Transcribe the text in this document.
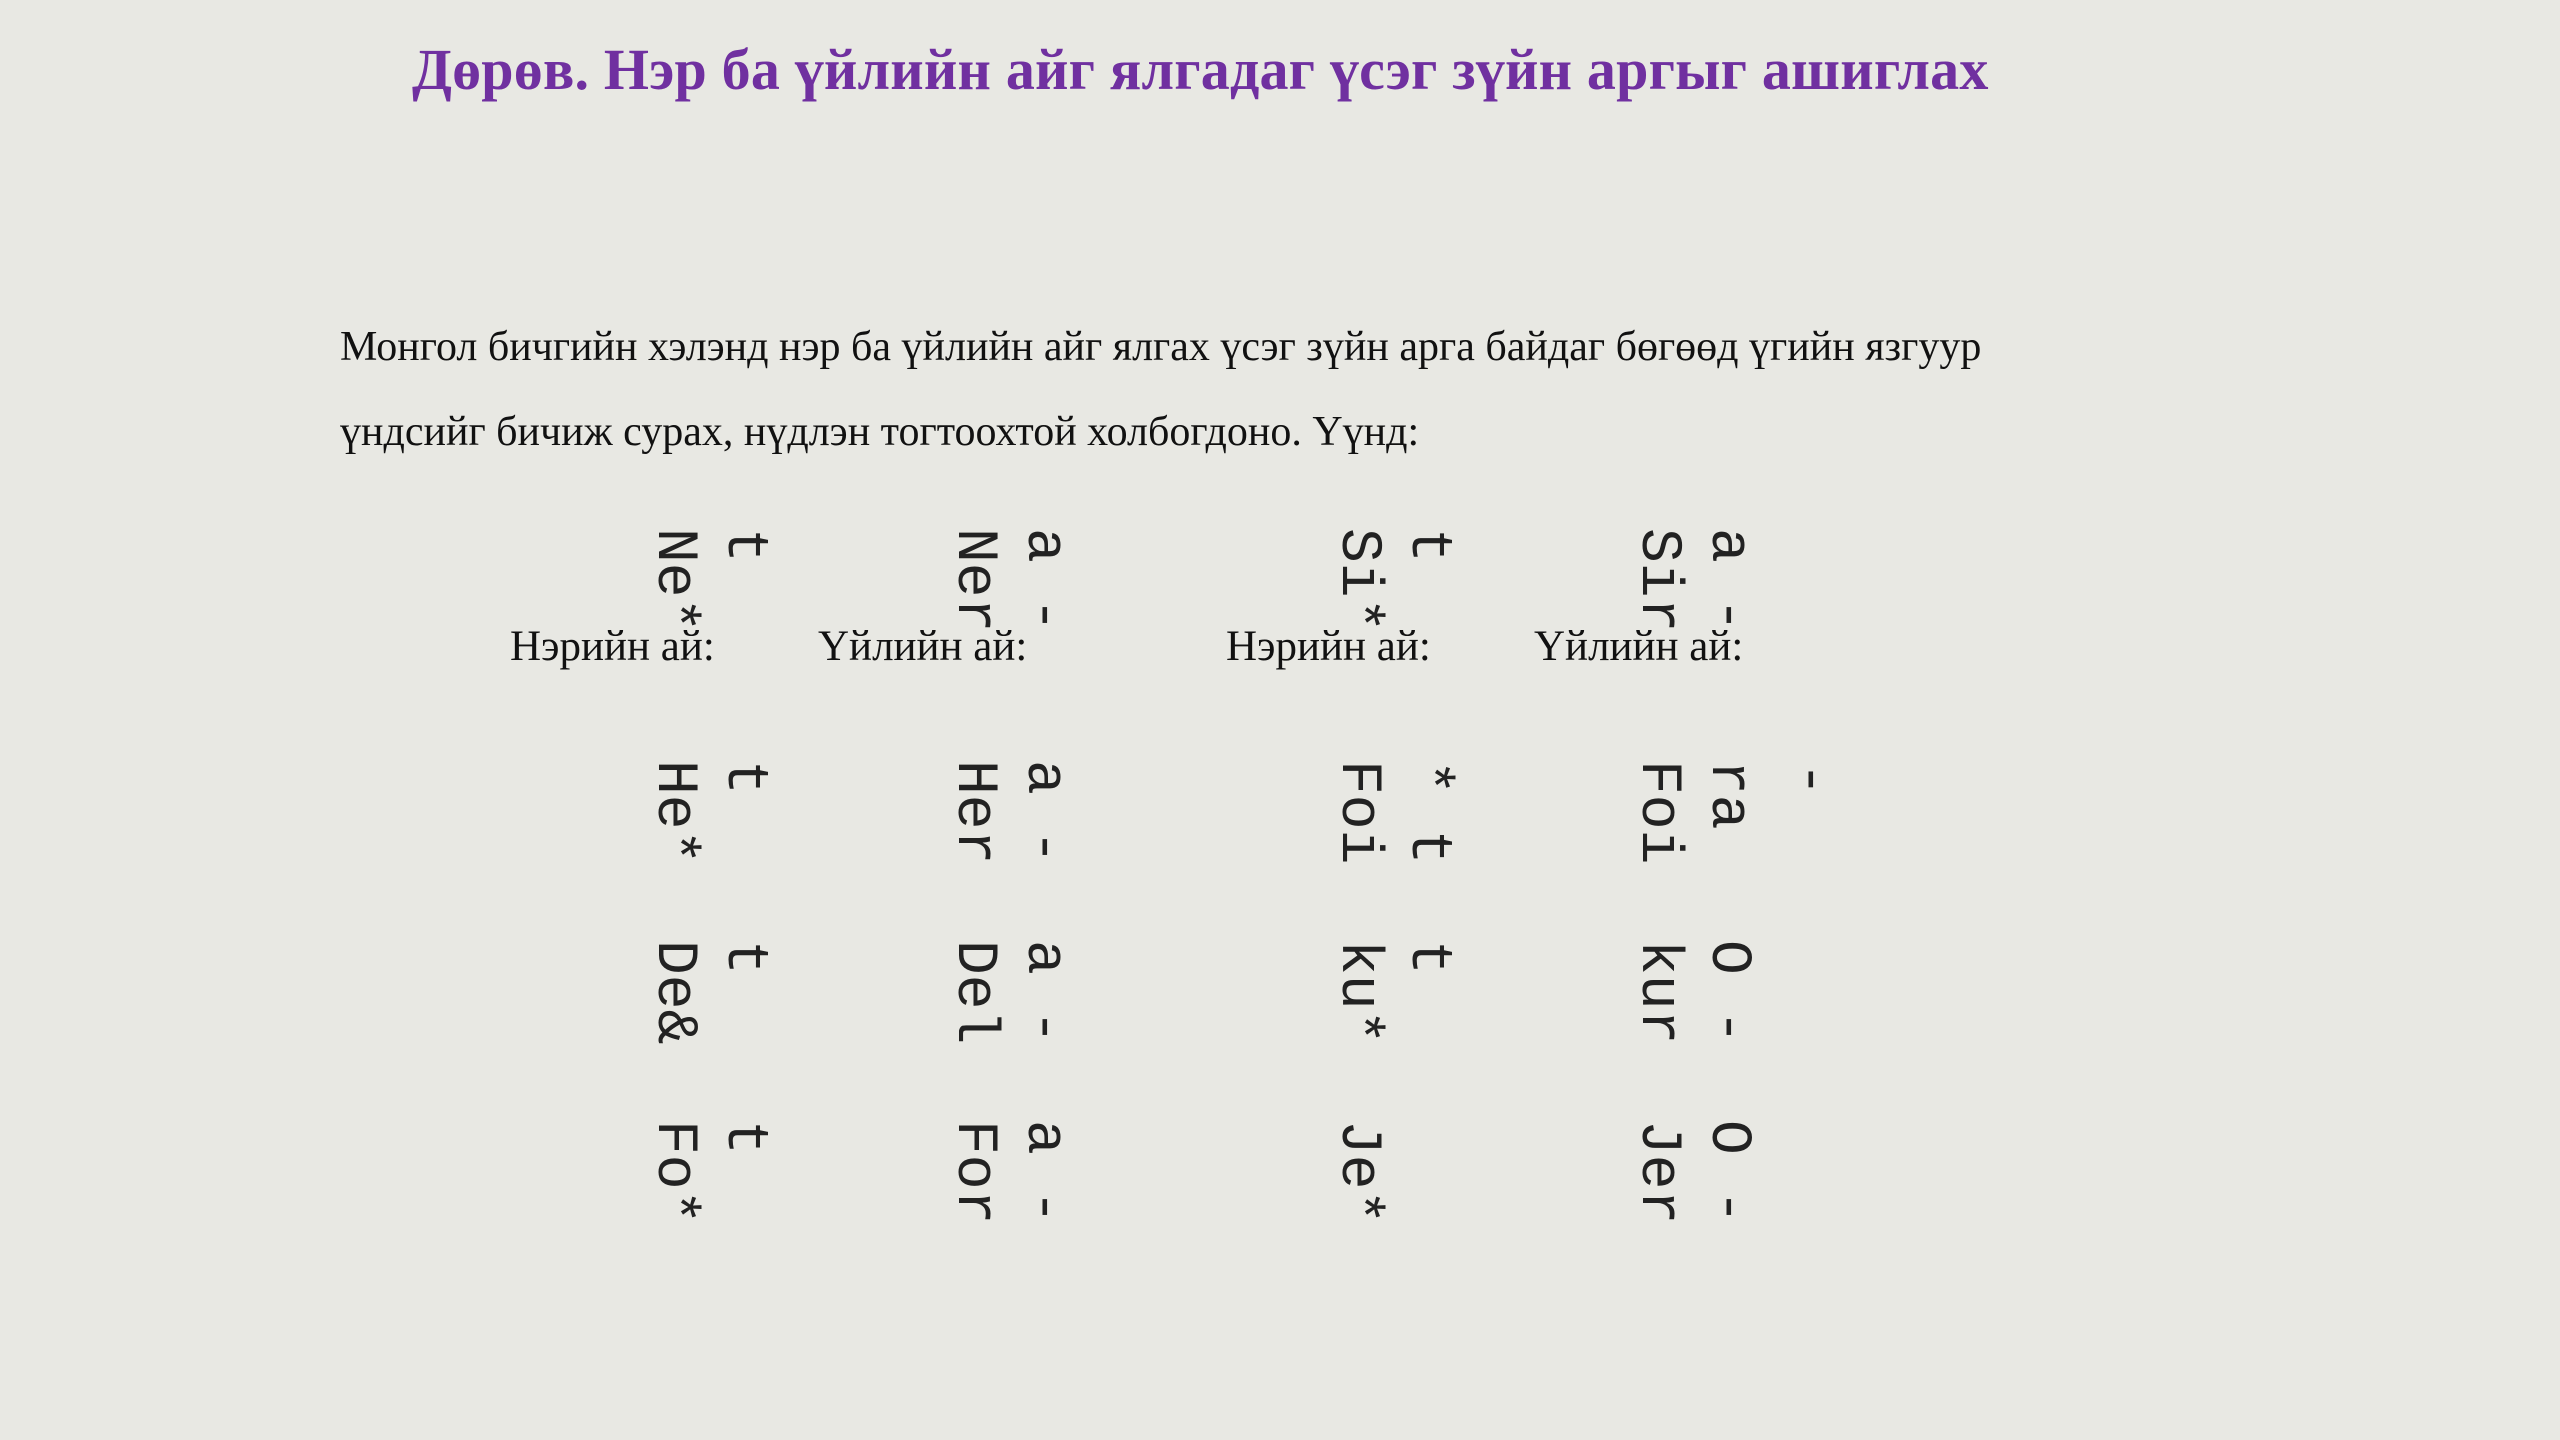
Дөрөв. Нэр ба үйлийн айг ялгадаг үсэг зүйн аргыг ашиглах
Монгол бичгийн хэлэнд нэр ба үйлийн айг ялгах үсэг зүйн арга байдаг бөгөөд үгийн язгуур
үндсийг бичиж сурах, нүдлэн тогтоохтой холбогдоно. Үүнд:
Ne* t
He* t
De& t
Fo* t
Ner a -
Her a -
Del a -
For a -
Si* t
Foi * t
ku* t
Je*
Sir a -
Foi ra -
kur O -
Jer O -
Нэрийн ай: Үйлийн ай:	Нэрийн ай: Үйлийн ай:
